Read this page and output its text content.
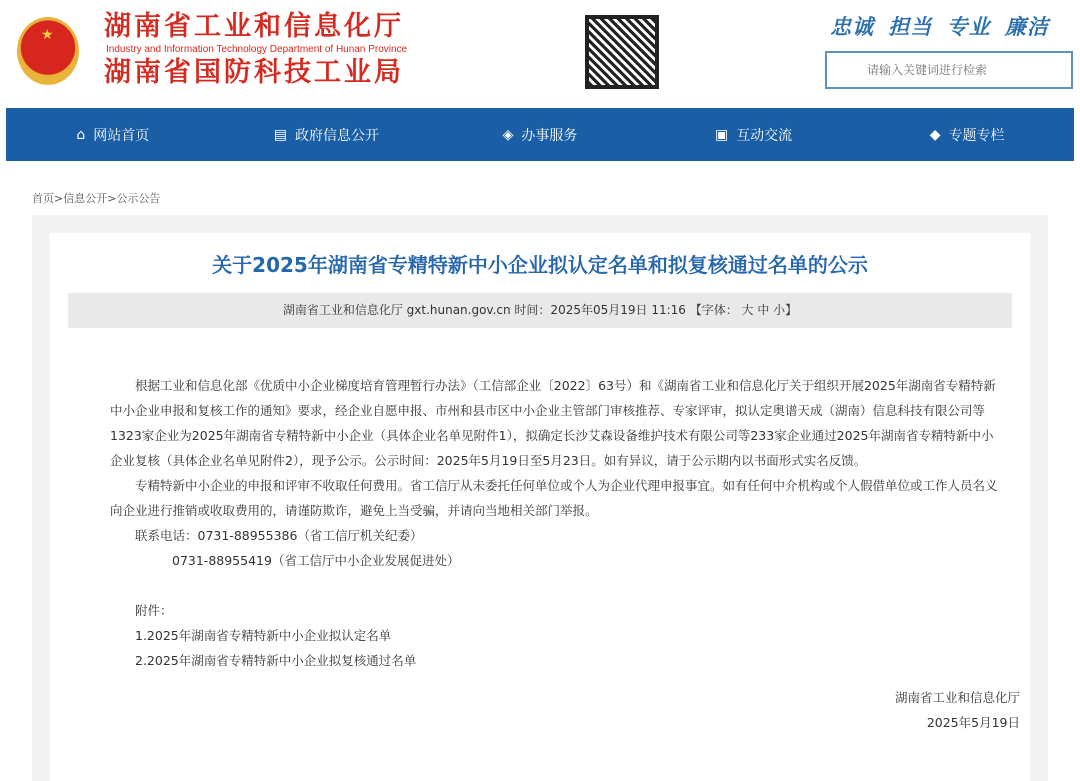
★ 湖南省工业和信息化厅
Industry and Information Technology Department of Hunan Province
湖南省国防科技工业局
忠诚 担当 专业 廉洁
请输入关键词进行检索
⌂ 网站首页	▤ 政府信息公开	◈ 办事服务	▣ 互动交流	◆ 专题专栏
首页>信息公开>公示公告
关于2025年湖南省专精特新中小企业拟认定名单和拟复核通过名单的公示
湖南省工业和信息化厅 gxt.hunan.gov.cn 时间：2025年05月19日 11:16 【字体： 大 中 小】

根据工业和信息化部《优质中小企业梯度培育管理暂行办法》（工信部企业〔2022〕63号）和《湖南省工业和信息化厅关于组织开展2025年湖南省专精特新中小企业申报和复核工作的通知》要求，经企业自愿申报、市州和县市区中小企业主管部门审核推荐、专家评审，拟认定奥谱天成（湖南）信息科技有限公司等1323家企业为2025年湖南省专精特新中小企业（具体企业名单见附件1），拟确定长沙艾森设备维护技术有限公司等233家企业通过2025年湖南省专精特新中小企业复核（具体企业名单见附件2），现予公示。公示时间：2025年5月19日至5月23日。如有异议，请于公示期内以书面形式实名反馈。

专精特新中小企业的申报和评审不收取任何费用。省工信厅从未委托任何单位或个人为企业代理申报事宜。如有任何中介机构或个人假借单位或工作人员名义向企业进行推销或收取费用的，请谨防欺诈，避免上当受骗，并请向当地相关部门举报。

联系电话：0731-88955386（省工信厅机关纪委）

0731-88955419（省工信厅中小企业发展促进处）

附件：

1.2025年湖南省专精特新中小企业拟认定名单

2.2025年湖南省专精特新中小企业拟复核通过名单

湖南省工业和信息化厅
2025年5月19日
